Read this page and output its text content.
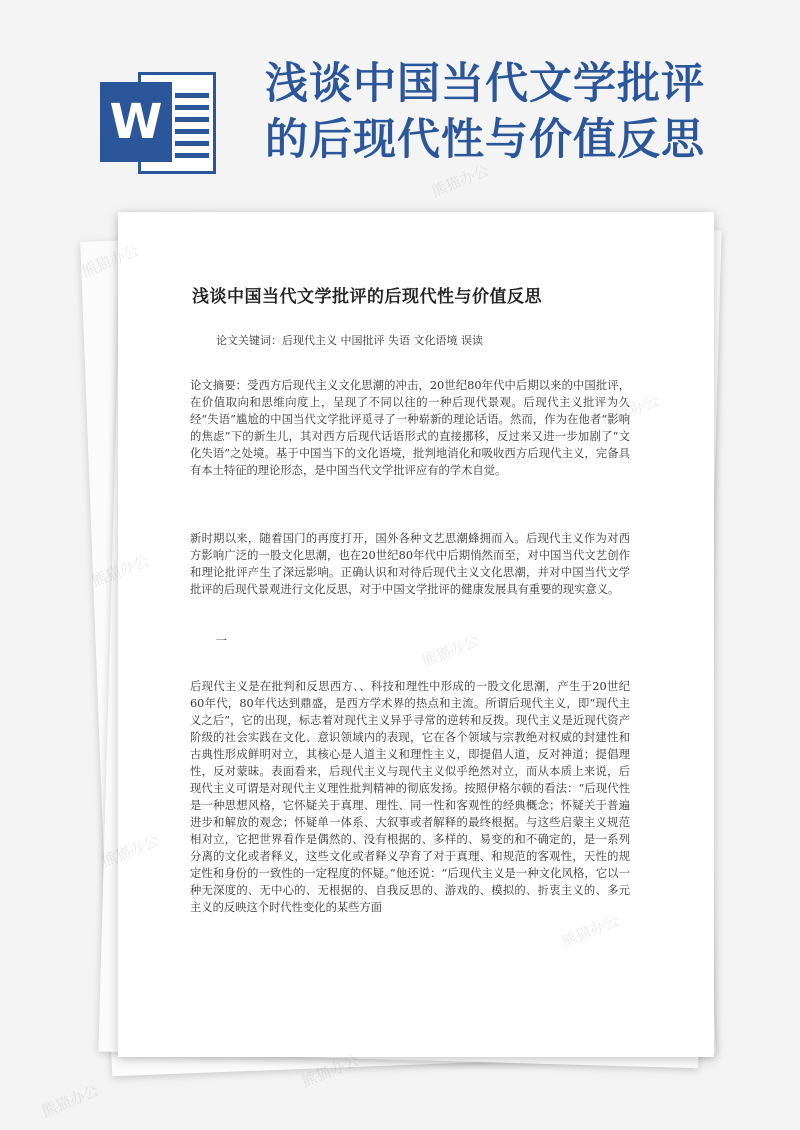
W
浅谈中国当代文学批评
的后现代性与价值反思
浅谈中国当代文学批评的后现代性与价值反思
论文关键词：后现代主义 中国批评 失语 文化语境 误读
论文摘要：受西方后现代主义文化思潮的冲击，20世纪80年代中后期以来的中国批评，在价值取向和思维向度上，呈现了不同以往的一种后现代景观。后现代主义批评为久经“失语”尴尬的中国当代文学批评觅寻了一种崭新的理论话语。然而，作为在他者“影响的焦虑”下的新生儿，其对西方后现代话语形式的直接挪移，反过来又进一步加剧了“文化失语”之处境。基于中国当下的文化语境，批判地消化和吸收西方后现代主义，完备具有本土特征的理论形态，是中国当代文学批评应有的学术自觉。
新时期以来，随着国门的再度打开，国外各种文艺思潮蜂拥而入。后现代主义作为对西方影响广泛的一股文化思潮，也在20世纪80年代中后期悄然而至，对中国当代文艺创作和理论批评产生了深远影响。正确认识和对待后现代主义文化思潮，并对中国当代文学批评的后现代景观进行文化反思，对于中国文学批评的健康发展具有重要的现实意义。
一
后现代主义是在批判和反思西方、、科技和理性中形成的一股文化思潮，产生于20世纪60年代，80年代达到鼎盛，是西方学术界的热点和主流。所谓后现代主义，即“现代主义之后”，它的出现，标志着对现代主义异乎寻常的逆转和反拨。现代主义是近现代资产阶级的社会实践在文化、意识领域内的表现，它在各个领域与宗教绝对权威的封建性和古典性形成鲜明对立，其核心是人道主义和理性主义，即提倡人道，反对神道；提倡理性，反对蒙昧。表面看来，后现代主义与现代主义似乎绝然对立，而从本质上来说，后现代主义可谓是对现代主义理性批判精神的彻底发扬。按照伊格尔顿的看法：“后现代性是一种思想风格，它怀疑关于真理、理性、同一性和客观性的经典概念；怀疑关于普遍进步和解放的观念；怀疑单一体系、大叙事或者解释的最终根据。与这些启蒙主义规范相对立，它把世界看作是偶然的、没有根据的、多样的、易变的和不确定的，是一系列分离的文化或者释义，这些文化或者释义孕育了对于真理、和规范的客观性，天性的规定性和身份的一致性的一定程度的怀疑。”他还说：“后现代主义是一种文化风格，它以一种无深度的、无中心的、无根据的、自我反思的、游戏的、模拟的、折衷主义的、多元主义的反映这个时代性变化的某些方面
熊猫办公
熊猫办公
